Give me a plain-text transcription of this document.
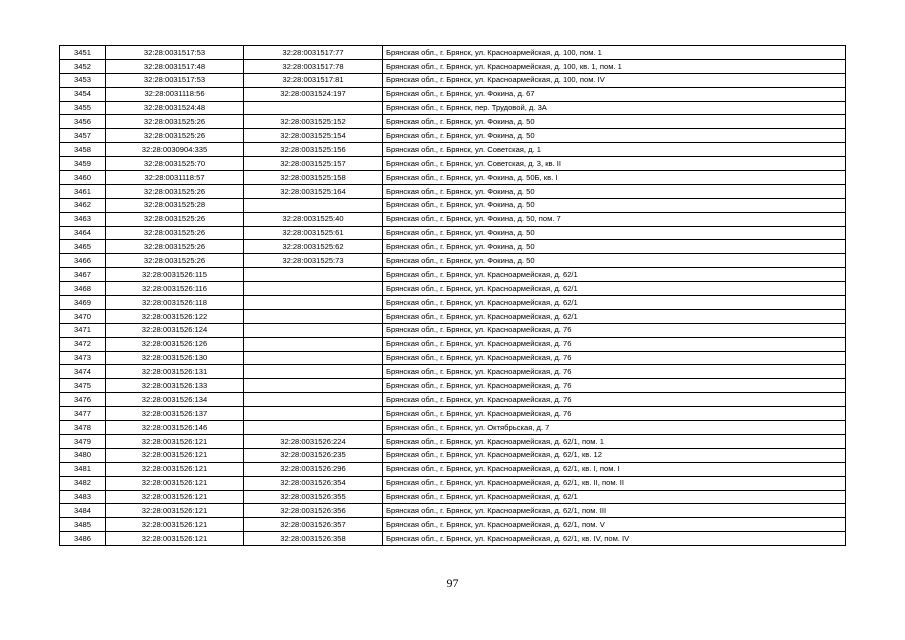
3451	32:28:0031517:53	32:28:0031517:77	Брянская обл., г. Брянск, ул. Красноармейская, д. 100, пом. 1
3452	32:28:0031517:48	32:28:0031517:78	Брянская обл., г. Брянск, ул. Красноармейская, д. 100, кв. 1, пом. 1
3453	32:28:0031517:53	32:28:0031517:81	Брянская обл., г. Брянск, ул. Красноармейская, д. 100, пом. IV
3454	32:28:0031118:56	32:28:0031524:197	Брянская обл., г. Брянск, ул. Фокина, д. 67
3455	32:28:0031524:48		Брянская обл., г. Брянск, пер. Трудовой, д. 3А
3456	32:28:0031525:26	32:28:0031525:152	Брянская обл., г. Брянск, ул. Фокина, д. 50
3457	32:28:0031525:26	32:28:0031525:154	Брянская обл., г. Брянск, ул. Фокина, д. 50
3458	32:28:0030904:335	32:28:0031525:156	Брянская обл., г. Брянск, ул. Советская, д. 1
3459	32:28:0031525:70	32:28:0031525:157	Брянская обл., г. Брянск, ул. Советская, д. 3, кв. II
3460	32:28:0031118:57	32:28:0031525:158	Брянская обл., г. Брянск, ул. Фокина, д. 50Б, кв. I
3461	32:28:0031525:26	32:28:0031525:164	Брянская обл., г. Брянск, ул. Фокина, д. 50
3462	32:28:0031525:28		Брянская обл., г. Брянск, ул. Фокина, д. 50
3463	32:28:0031525:26	32:28:0031525:40	Брянская обл., г. Брянск, ул. Фокина, д. 50, пом. 7
3464	32:28:0031525:26	32:28:0031525:61	Брянская обл., г. Брянск, ул. Фокина, д. 50
3465	32:28:0031525:26	32:28:0031525:62	Брянская обл., г. Брянск, ул. Фокина, д. 50
3466	32:28:0031525:26	32:28:0031525:73	Брянская обл., г. Брянск, ул. Фокина, д. 50
3467	32:28:0031526:115		Брянская обл., г. Брянск, ул. Красноармейская, д. 62/1
3468	32:28:0031526:116		Брянская обл., г. Брянск, ул. Красноармейская, д. 62/1
3469	32:28:0031526:118		Брянская обл., г. Брянск, ул. Красноармейская, д. 62/1
3470	32:28:0031526:122		Брянская обл., г. Брянск, ул. Красноармейская, д. 62/1
3471	32:28:0031526:124		Брянская обл., г. Брянск, ул. Красноармейская, д. 76
3472	32:28:0031526:126		Брянская обл., г. Брянск, ул. Красноармейская, д. 76
3473	32:28:0031526:130		Брянская обл., г. Брянск, ул. Красноармейская, д. 76
3474	32:28:0031526:131		Брянская обл., г. Брянск, ул. Красноармейская, д. 76
3475	32:28:0031526:133		Брянская обл., г. Брянск, ул. Красноармейская, д. 76
3476	32:28:0031526:134		Брянская обл., г. Брянск, ул. Красноармейская, д. 76
3477	32:28:0031526:137		Брянская обл., г. Брянск, ул. Красноармейская, д. 76
3478	32:28:0031526:146		Брянская обл., г. Брянск, ул. Октябрьская, д. 7
3479	32:28:0031526:121	32:28:0031526:224	Брянская обл., г. Брянск, ул. Красноармейская, д. 62/1, пом. 1
3480	32:28:0031526:121	32:28:0031526:235	Брянская обл., г. Брянск, ул. Красноармейская, д. 62/1, кв. 12
3481	32:28:0031526:121	32:28:0031526:296	Брянская обл., г. Брянск, ул. Красноармейская, д. 62/1, кв. I, пом. I
3482	32:28:0031526:121	32:28:0031526:354	Брянская обл., г. Брянск, ул. Красноармейская, д. 62/1, кв. II, пом. II
3483	32:28:0031526:121	32:28:0031526:355	Брянская обл., г. Брянск, ул. Красноармейская, д. 62/1
3484	32:28:0031526:121	32:28:0031526:356	Брянская обл., г. Брянск, ул. Красноармейская, д. 62/1, пом. III
3485	32:28:0031526:121	32:28:0031526:357	Брянская обл., г. Брянск, ул. Красноармейская, д. 62/1, пом. V
3486	32:28:0031526:121	32:28:0031526:358	Брянская обл., г. Брянск, ул. Красноармейская, д. 62/1, кв. IV, пом. IV
97
